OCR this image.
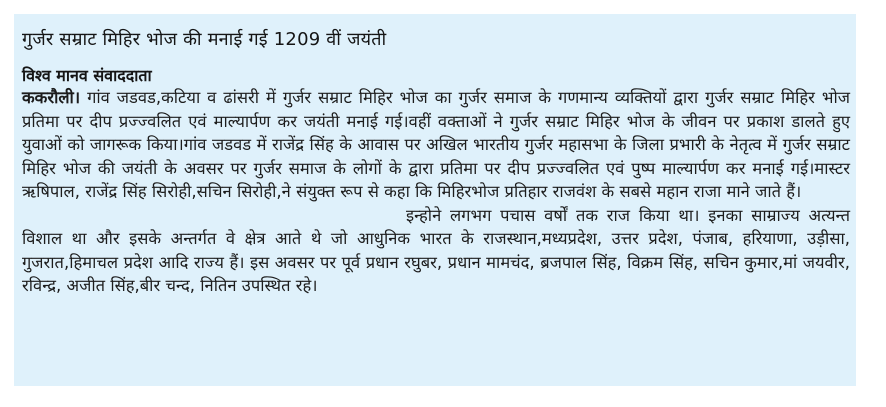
गुर्जर सम्राट मिहिर भोज की मनाई गई 1209 वीं जयंती

विश्व मानव संवाददाता

ककरौली। गांव जडवड,कटिया व ढांसरी में गुर्जर सम्राट मिहिर भोज का गुर्जर समाज के गणमान्य व्यक्तियों द्वारा गुर्जर सम्राट मिहिर भोज प्रतिमा पर दीप प्रज्ज्वलित एवं माल्यार्पण कर जयंती मनाई गई।वहीं वक्ताओं ने गुर्जर सम्राट मिहिर भोज के जीवन पर प्रकाश डालते हुए युवाओं को जागरूक किया।गांव जडवड में राजेंद्र सिंह के आवास पर अखिल भारतीय गुर्जर महासभा के जिला प्रभारी के नेतृत्व में गुर्जर सम्राट मिहिर भोज की जयंती के अवसर पर गुर्जर समाज के लोगों के द्वारा प्रतिमा पर दीप प्रज्ज्वलित एवं पुष्प माल्यार्पण कर मनाई गई।मास्टर ऋषिपाल, राजेंद्र सिंह सिरोही,सचिन सिरोही,ने संयुक्त रूप से कहा कि मिहिरभोज प्रतिहार राजवंश के सबसे महान राजा माने जाते हैं।

इन्होने लगभग पचास वर्षों तक राज किया था। इनका साम्राज्य अत्यन्त विशाल था और इसके अन्तर्गत वे क्षेत्र आते थे जो आधुनिक भारत के राजस्थान,मध्यप्रदेश, उत्तर प्रदेश, पंजाब, हरियाणा, उड़ीसा, गुजरात,हिमाचल प्रदेश आदि राज्य हैं। इस अवसर पर पूर्व प्रधान रघुबर, प्रधान मामचंद, ब्रजपाल सिंह, विक्रम सिंह, सचिन कुमार,मां जयवीर, रविन्द्र, अजीत सिंह,बीर चन्द, नितिन उपस्थित रहे।
